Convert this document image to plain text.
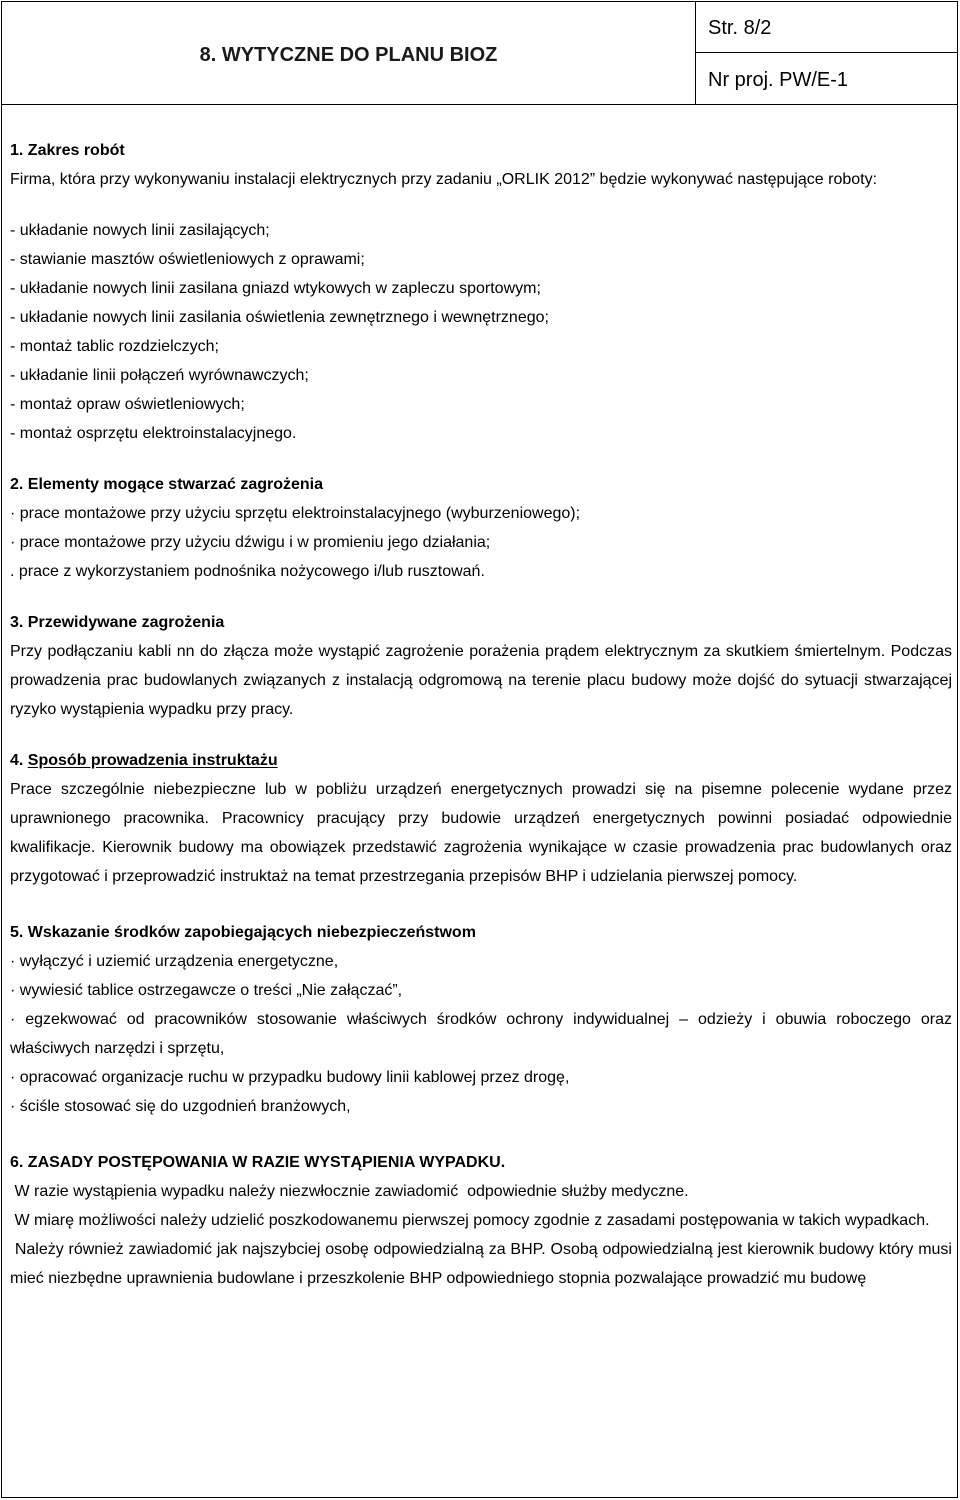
8. WYTYCZNE DO PLANU BIOZ
Str. 8/2
Nr proj. PW/E-1

1. Zakres robót

Firma, która przy wykonywaniu instalacji elektrycznych przy zadaniu „ORLIK 2012” będzie wykonywać następujące roboty:

- układanie nowych linii zasilających;

- stawianie masztów oświetleniowych z oprawami;

- układanie nowych linii zasilana gniazd wtykowych w zapleczu sportowym;

- układanie nowych linii zasilania oświetlenia zewnętrznego i wewnętrznego;

- montaż tablic rozdzielczych;

- układanie linii połączeń wyrównawczych;

- montaż opraw oświetleniowych;

- montaż osprzętu elektroinstalacyjnego.

2. Elementy mogące stwarzać zagrożenia

· prace montażowe przy użyciu sprzętu elektroinstalacyjnego (wyburzeniowego);

· prace montażowe przy użyciu dźwigu i w promieniu jego działania;

. prace z wykorzystaniem podnośnika nożycowego i/lub rusztowań.

3. Przewidywane zagrożenia

Przy podłączaniu kabli nn do złącza może wystąpić zagrożenie porażenia prądem elektrycznym za skutkiem śmiertelnym. Podczas prowadzenia prac budowlanych związanych z instalacją odgromową na terenie placu budowy może dojść do sytuacji stwarzającej ryzyko wystąpienia wypadku przy pracy.

4. Sposób prowadzenia instruktażu

Prace szczególnie niebezpieczne lub w pobliżu urządzeń energetycznych prowadzi się na pisemne polecenie wydane przez uprawnionego pracownika. Pracownicy pracujący przy budowie urządzeń energetycznych powinni posiadać odpowiednie kwalifikacje. Kierownik budowy ma obowiązek przedstawić zagrożenia wynikające w czasie prowadzenia prac budowlanych oraz przygotować i przeprowadzić instruktaż na temat przestrzegania przepisów BHP i udzielania pierwszej pomocy.

5. Wskazanie środków zapobiegających niebezpieczeństwom

· wyłączyć i uziemić urządzenia energetyczne,

· wywiesić tablice ostrzegawcze o treści „Nie załączać”,

· egzekwować od pracowników stosowanie właściwych środków ochrony indywidualnej – odzieży i obuwia roboczego oraz właściwych narzędzi i sprzętu,

· opracować organizacje ruchu w przypadku budowy linii kablowej przez drogę,

· ściśle stosować się do uzgodnień branżowych,

6. ZASADY POSTĘPOWANIA W RAZIE WYSTĄPIENIA WYPADKU.

W razie wystąpienia wypadku należy niezwłocznie zawiadomić  odpowiednie służby medyczne.

W miarę możliwości należy udzielić poszkodowanemu pierwszej pomocy zgodnie z zasadami postępowania w takich wypadkach.

Należy również zawiadomić jak najszybciej osobę odpowiedzialną za BHP. Osobą odpowiedzialną jest kierownik budowy który musi mieć niezbędne uprawnienia budowlane i przeszkolenie BHP odpowiedniego stopnia pozwalające prowadzić mu budowę
